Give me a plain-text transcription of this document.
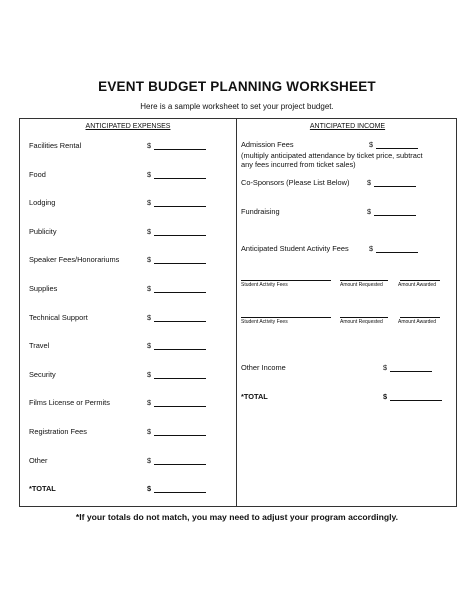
EVENT BUDGET PLANNING WORKSHEET
Here is a sample worksheet to set your project budget.
ANTICIPATED EXPENSES	ANTICIPATED INCOME
Facilities Rental	$
Food	$
Lodging	$
Publicity	$
Speaker Fees/Honorariums	$
Supplies	$
Technical Support	$
Travel	$
Security	$
Films License or Permits	$
Registration Fees	$
Other	$
*TOTAL	$
Admission Fees	$
(multiply anticipated attendance by ticket price, subtract
any fees incurred from ticket sales)
Co-Sponsors (Please List Below) $
Fundraising	$
Anticipated Student Activity Fees	$
Student Activity Fees	Amount Requested	Amount Awarded
Student Activity Fees	Amount Requested	Amount Awarded
Other Income	$
*TOTAL	$
*If your totals do not match, you may need to adjust your program accordingly.
